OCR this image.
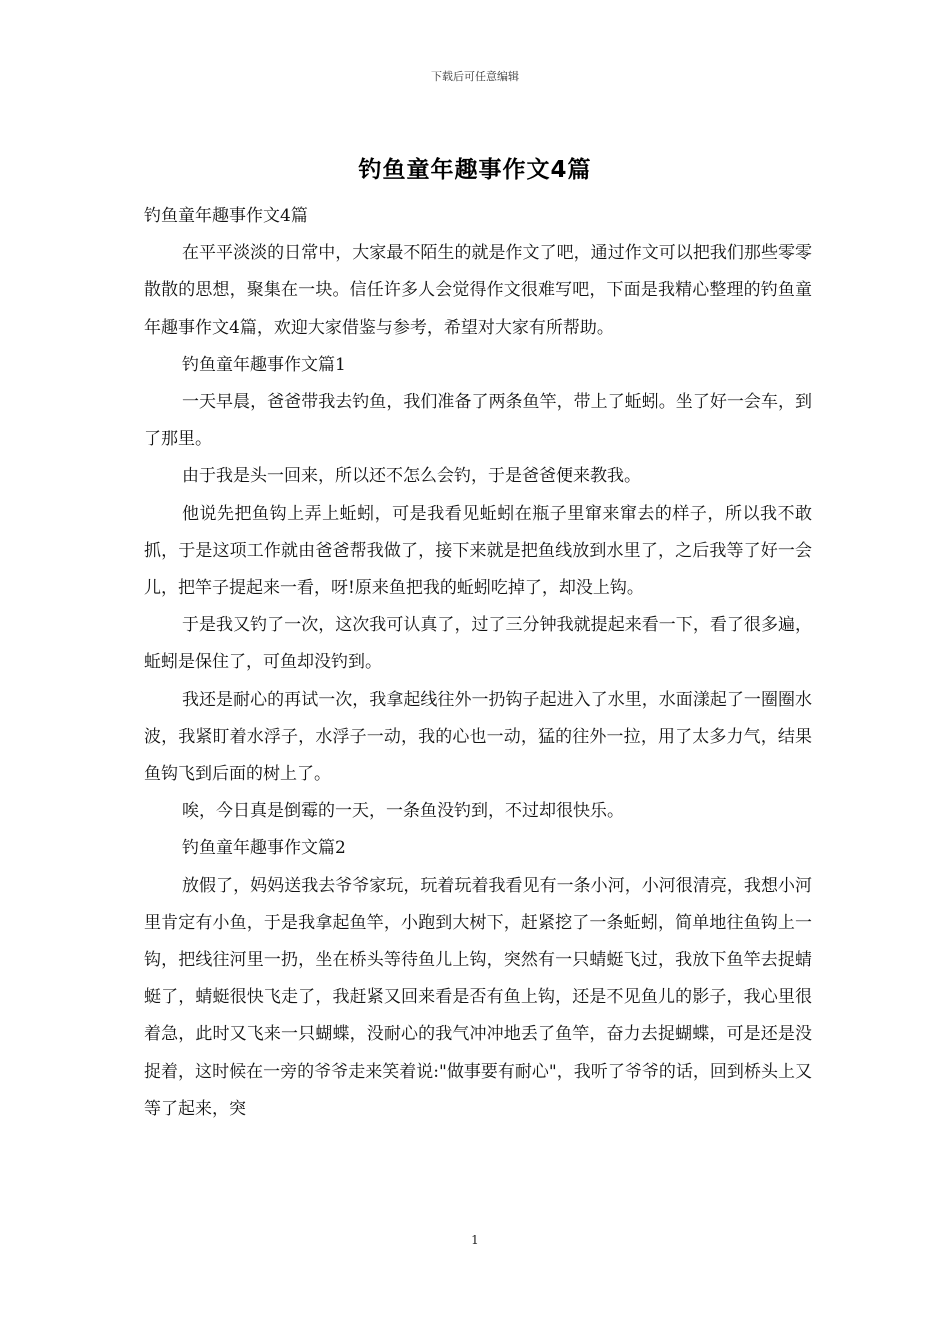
下载后可任意编辑
钓鱼童年趣事作文4篇

钓鱼童年趣事作文4篇

在平平淡淡的日常中，大家最不陌生的就是作文了吧，通过作文可以把我们那些零零散散的思想，聚集在一块。信任许多人会觉得作文很难写吧，下面是我精心整理的钓鱼童年趣事作文4篇，欢迎大家借鉴与参考，希望对大家有所帮助。

钓鱼童年趣事作文篇1

一天早晨，爸爸带我去钓鱼，我们准备了两条鱼竿，带上了蚯蚓。坐了好一会车，到了那里。

由于我是头一回来，所以还不怎么会钓，于是爸爸便来教我。

他说先把鱼钩上弄上蚯蚓，可是我看见蚯蚓在瓶子里窜来窜去的样子，所以我不敢抓，于是这项工作就由爸爸帮我做了，接下来就是把鱼线放到水里了，之后我等了好一会儿，把竿子提起来一看，呀!原来鱼把我的蚯蚓吃掉了，却没上钩。

于是我又钓了一次，这次我可认真了，过了三分钟我就提起来看一下，看了很多遍，蚯蚓是保住了，可鱼却没钓到。

我还是耐心的再试一次，我拿起线往外一扔钩子起进入了水里，水面漾起了一圈圈水波，我紧盯着水浮子，水浮子一动，我的心也一动，猛的往外一拉，用了太多力气，结果鱼钩飞到后面的树上了。

唉，今日真是倒霉的一天，一条鱼没钓到，不过却很快乐。

钓鱼童年趣事作文篇2

放假了，妈妈送我去爷爷家玩，玩着玩着我看见有一条小河，小河很清亮，我想小河里肯定有小鱼，于是我拿起鱼竿，小跑到大树下，赶紧挖了一条蚯蚓，简单地往鱼钩上一钩，把线往河里一扔，坐在桥头等待鱼儿上钩，突然有一只蜻蜓飞过，我放下鱼竿去捉蜻蜓了，蜻蜓很快飞走了，我赶紧又回来看是否有鱼上钩，还是不见鱼儿的影子，我心里很着急，此时又飞来一只蝴蝶，没耐心的我气冲冲地丢了鱼竿，奋力去捉蝴蝶，可是还是没捉着，这时候在一旁的爷爷走来笑着说:"做事要有耐心"，我听了爷爷的话，回到桥头上又等了起来，突

1
